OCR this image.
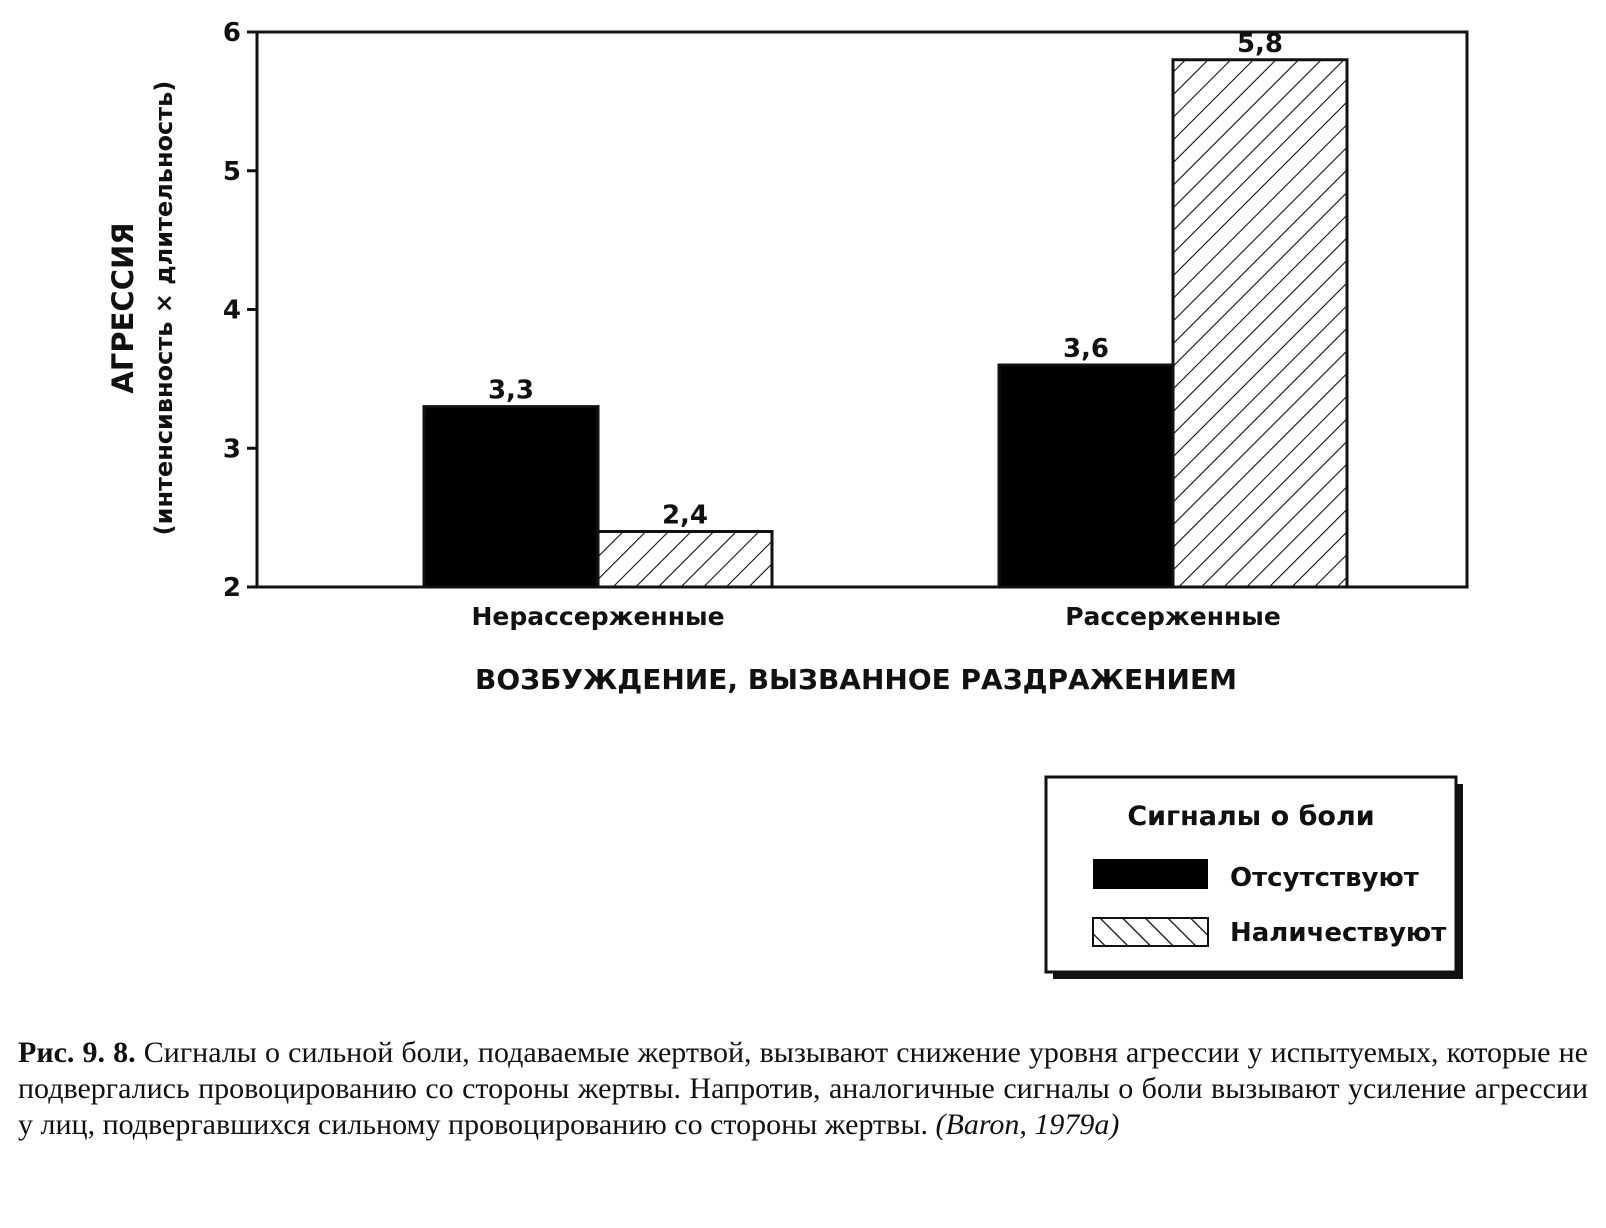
АГРЕССИЯ (интенсивность × длительность)
2
3
4
5
6
3,3
2,4
3,6
5,8
Нерассерженные	Рассерженные
ВОЗБУЖДЕНИЕ, ВЫЗВАННОЕ РАЗДРАЖЕНИЕМ
Сигналы о боли
Отсутствуют
Наличествуют
Рис. 9. 8. Сигналы о сильной боли, подаваемые жертвой, вызывают снижение уровня агрессии у испытуемых, которые не подвергались провоцированию со стороны жертвы. Напротив, аналогичные сигналы о боли вызывают усиление агрессии у лиц, подвергавшихся сильному провоцированию со стороны жертвы. (Baron, 1979a)
